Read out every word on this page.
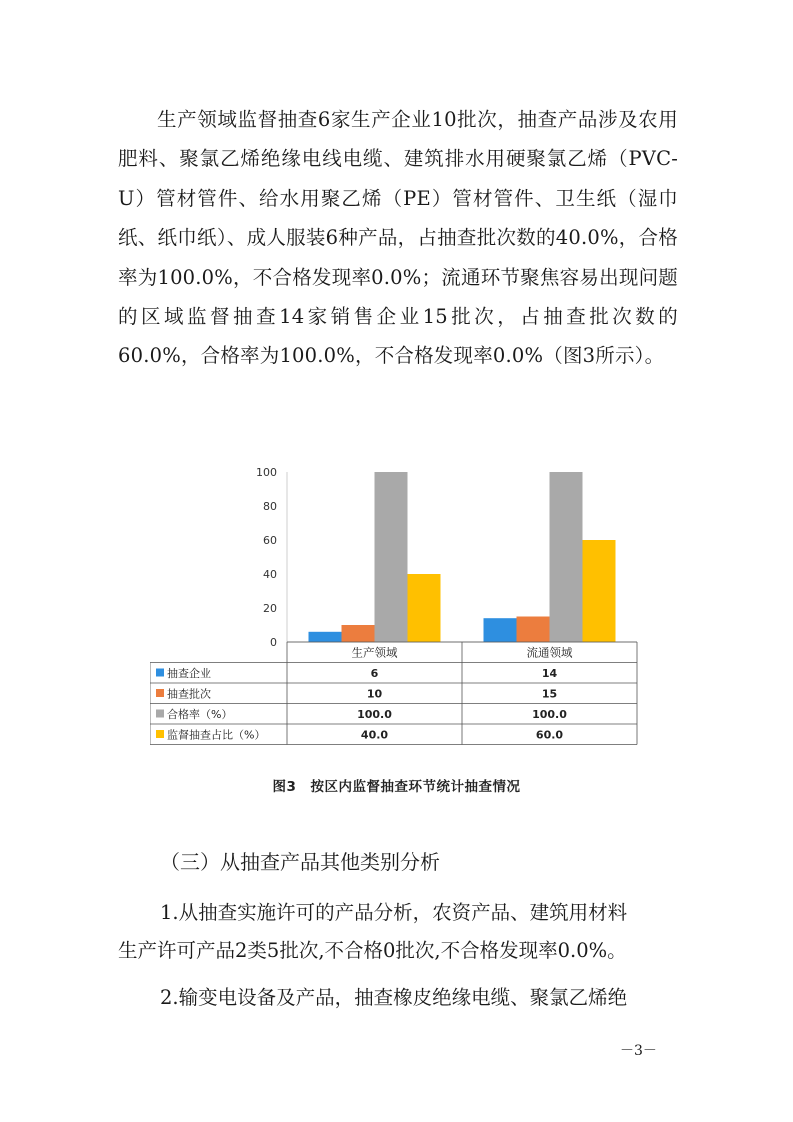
生产领域监督抽查6家生产企业10批次，抽查产品涉及农用肥料、聚氯乙烯绝缘电线电缆、建筑排水用硬聚氯乙烯（PVC-U）管材管件、给水用聚乙烯（PE）管材管件、卫生纸（湿巾纸、纸巾纸）、成人服装6种产品，占抽查批次数的40.0%，合格率为100.0%，不合格发现率0.0%；流通环节聚焦容易出现问题的区域监督抽查14家销售企业15批次，占抽查批次数的60.0%，合格率为100.0%，不合格发现率0.0%（图3所示）。

0
20
40
60
80
100
生产领域	流通领域
抽查企业	6	14
抽查批次	10	15
合格率（%）	100.0	100.0
监督抽查占比（%）	40.0	60.0
图3　按区内监督抽查环节统计抽查情况

（三）从抽查产品其他类别分析

1.从抽查实施许可的产品分析，农资产品、建筑用材料

生产许可产品2类5批次,不合格0批次,不合格发现率0.0%。

2.输变电设备及产品，抽查橡皮绝缘电缆、聚氯乙烯绝

－3－
